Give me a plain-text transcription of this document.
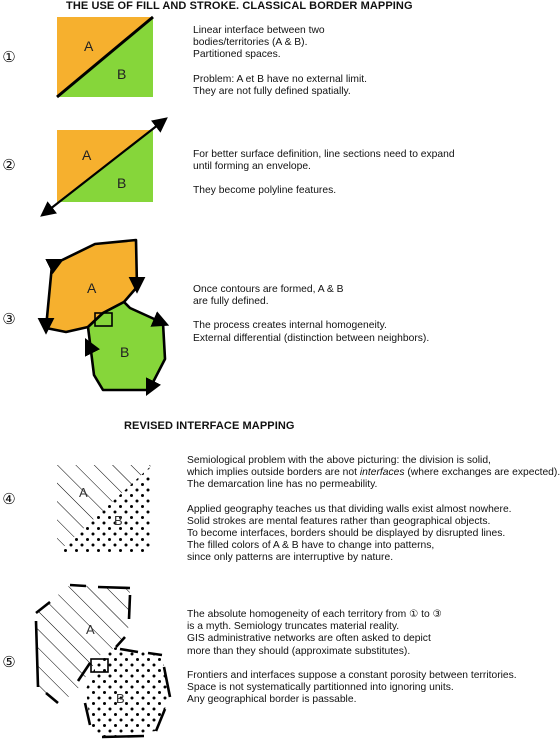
THE USE OF FILL AND STROKE. CLASSICAL BORDER MAPPING
①
A
B

Linear interface between two

bodies/territories (A & B).

Partitioned spaces.

Problem: A et B have no external limit.

They are not fully defined spatially.

②
A
B

For better surface definition, line sections need to expand

until forming an envelope.

They become polyline features.

③
A
B

Once contours are formed, A & B

are fully defined.

The process creates internal homogeneity.

External differential (distinction between neighbors).

REVISED INTERFACE MAPPING
④	A
B

Semiological problem with the above picturing: the division is solid,

which implies outside borders are not interfaces (where exchanges are expected).

The demarcation line has no permeability.

Applied geography teaches us that dividing walls exist almost nowhere.

Solid strokes are mental features rather than geographical objects.

To become interfaces, borders should be displayed by disrupted lines.

The filled colors of A & B have to change into patterns,

since only patterns are interruptive by nature.

⑤
A
B

The absolute homogeneity of each territory from ① to ③

is a myth. Semiology truncates material reality.

GIS administrative networks are often asked to depict

more than they should (approximate substitutes).

Frontiers and interfaces suppose a constant porosity between territories.

Space is not systematically partitionned into ignoring units.

Any geographical border is passable.
